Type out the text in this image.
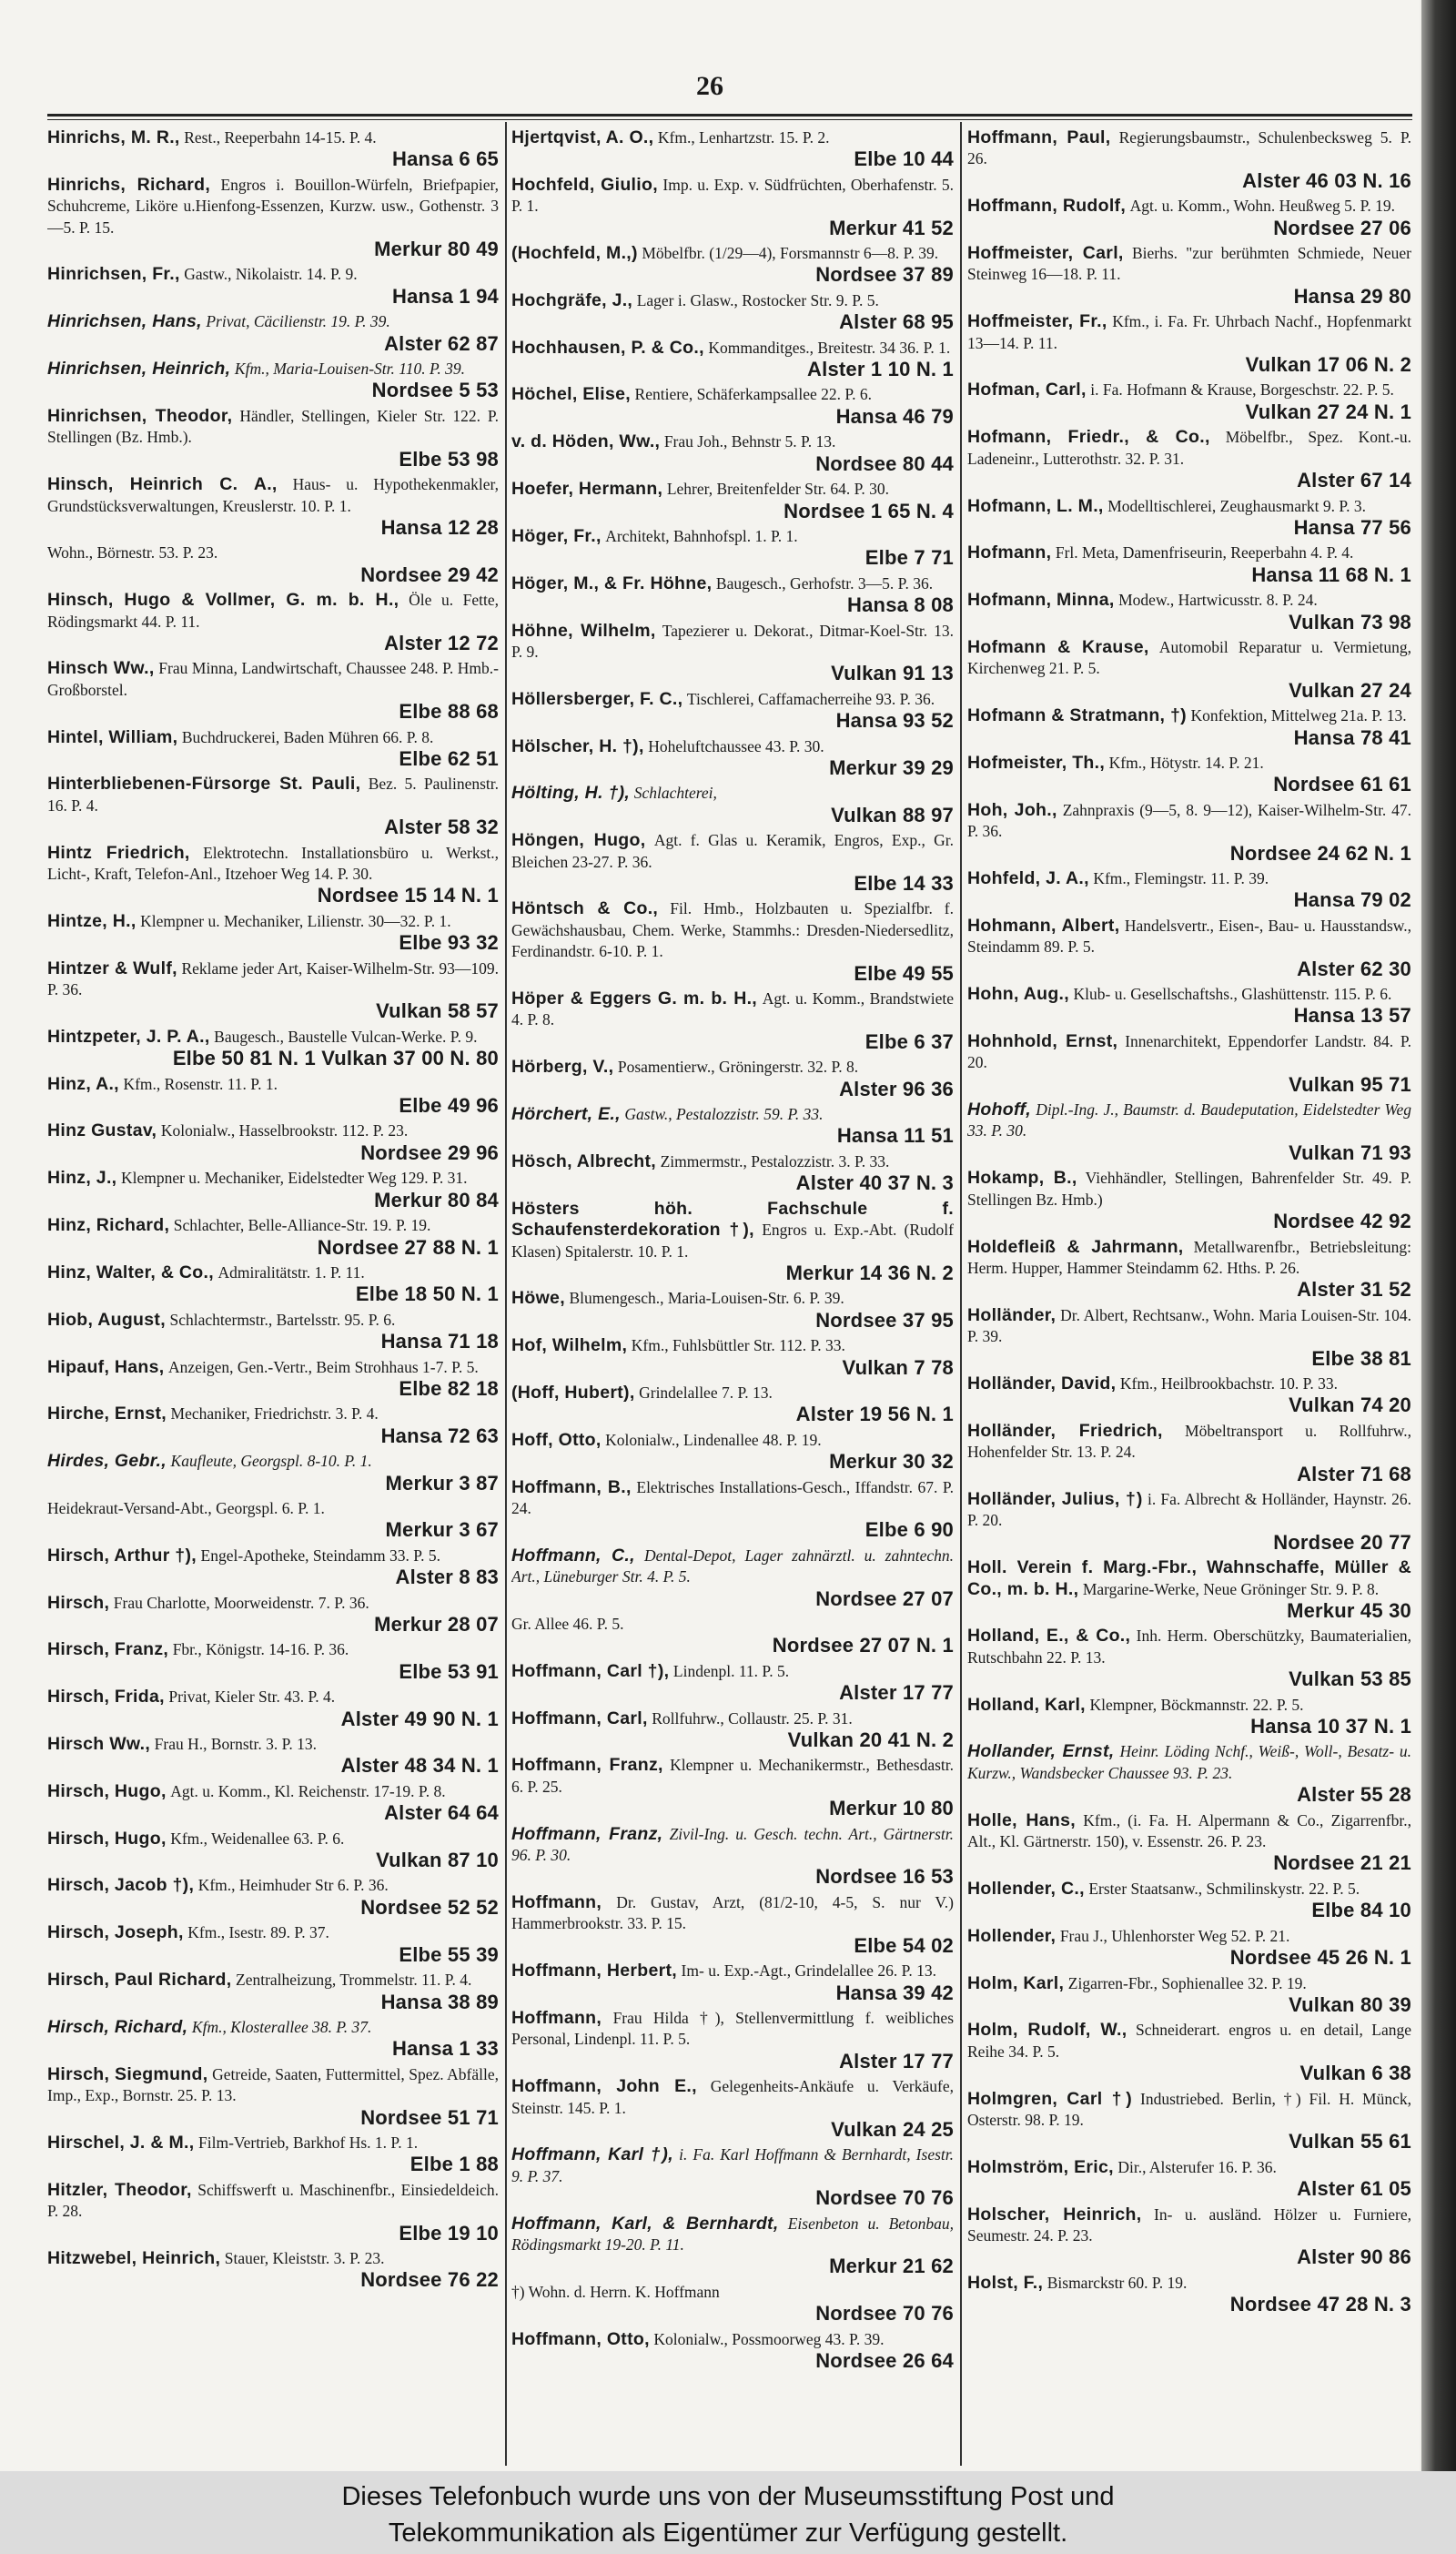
26
Hinrichs, M. R., Rest., Reeperbahn 14-15. P. 4.
Hansa 6 65
Hinrichs, Richard, Engros i. Bouillon-Würfeln, Briefpapier, Schuhcreme, Liköre u.Hienfong-Essenzen, Kurzw. usw., Gothenstr. 3—5. P. 15.
Merkur 80 49
Hinrichsen, Fr., Gastw., Nikolaistr. 14. P. 9.
Hansa 1 94
Hinrichsen, Hans, Privat, Cäcilienstr. 19. P. 39.
Alster 62 87
Hinrichsen, Heinrich, Kfm., Maria-Louisen-Str. 110. P. 39.
Nordsee 5 53
Hinrichsen, Theodor, Händler, Stellingen, Kieler Str. 122. P. Stellingen (Bz. Hmb.).
Elbe 53 98
Hinsch, Heinrich C. A., Haus- u. Hypothekenmakler, Grundstücksverwaltungen, Kreuslerstr. 10. P. 1.
Hansa 12 28
Wohn., Börnestr. 53. P. 23.
Nordsee 29 42
Hinsch, Hugo & Vollmer, G. m. b. H., Öle u. Fette, Rödingsmarkt 44. P. 11.
Alster 12 72
Hinsch Ww., Frau Minna, Landwirtschaft, Chaussee 248. P. Hmb.-Großborstel.
Elbe 88 68
Hintel, William, Buchdruckerei, Baden Mühren 66. P. 8.
Elbe 62 51
Hinterbliebenen-Fürsorge St. Pauli, Bez. 5. Paulinenstr. 16. P. 4.
Alster 58 32
Hintz Friedrich, Elektrotechn. Installationsbüro u. Werkst., Licht-, Kraft, Telefon-Anl., Itzehoer Weg 14. P. 30.
Nordsee 15 14 N. 1
Hintze, H., Klempner u. Mechaniker, Lilienstr. 30—32. P. 1.
Elbe 93 32
Hintzer & Wulf, Reklame jeder Art, Kaiser-Wilhelm-Str. 93—109. P. 36.
Vulkan 58 57
Hintzpeter, J. P. A., Baugesch., Baustelle Vulcan-Werke. P. 9.
Elbe 50 81 N. 1 Vulkan 37 00 N. 80
Hinz, A., Kfm., Rosenstr. 11. P. 1.
Elbe 49 96
Hinz Gustav, Kolonialw., Hasselbrookstr. 112. P. 23.
Nordsee 29 96
Hinz, J., Klempner u. Mechaniker, Eidelstedter Weg 129. P. 31.
Merkur 80 84
Hinz, Richard, Schlachter, Belle-Alliance-Str. 19. P. 19.
Nordsee 27 88 N. 1
Hinz, Walter, & Co., Admiralitätstr. 1. P. 11.
Elbe 18 50 N. 1
Hiob, August, Schlachtermstr., Bartelsstr. 95. P. 6.
Hansa 71 18
Hipauf, Hans, Anzeigen, Gen.-Vertr., Beim Strohhaus 1-7. P. 5.
Elbe 82 18
Hirche, Ernst, Mechaniker, Friedrichstr. 3. P. 4.
Hansa 72 63
Hirdes, Gebr., Kaufleute, Georgspl. 8-10. P. 1.
Merkur 3 87
Heidekraut-Versand-Abt., Georgspl. 6. P. 1.
Merkur 3 67
Hirsch, Arthur †), Engel-Apotheke, Steindamm 33. P. 5.
Alster 8 83
Hirsch, Frau Charlotte, Moorweidenstr. 7. P. 36.
Merkur 28 07
Hirsch, Franz, Fbr., Königstr. 14-16. P. 36.
Elbe 53 91
Hirsch, Frida, Privat, Kieler Str. 43. P. 4.
Alster 49 90 N. 1
Hirsch Ww., Frau H., Bornstr. 3. P. 13.
Alster 48 34 N. 1
Hirsch, Hugo, Agt. u. Komm., Kl. Reichenstr. 17-19. P. 8.
Alster 64 64
Hirsch, Hugo, Kfm., Weidenallee 63. P. 6.
Vulkan 87 10
Hirsch, Jacob †), Kfm., Heimhuder Str 6. P. 36.
Nordsee 52 52
Hirsch, Joseph, Kfm., Isestr. 89. P. 37.
Elbe 55 39
Hirsch, Paul Richard, Zentralheizung, Trommelstr. 11. P. 4.
Hansa 38 89
Hirsch, Richard, Kfm., Klosterallee 38. P. 37.
Hansa 1 33
Hirsch, Siegmund, Getreide, Saaten, Futtermittel, Spez. Abfälle, Imp., Exp., Bornstr. 25. P. 13.
Nordsee 51 71
Hirschel, J. & M., Film-Vertrieb, Barkhof Hs. 1. P. 1.
Elbe 1 88
Hitzler, Theodor, Schiffswerft u. Maschinenfbr., Einsiedeldeich. P. 28.
Elbe 19 10
Hitzwebel, Heinrich, Stauer, Kleiststr. 3. P. 23.
Nordsee 76 22
Hjertqvist, A. O., Kfm., Lenhartzstr. 15. P. 2.
Elbe 10 44
Hochfeld, Giulio, Imp. u. Exp. v. Südfrüchten, Oberhafenstr. 5. P. 1.
Merkur 41 52
(Hochfeld, M.,) Möbelfbr. (1/29—4), Forsmannstr 6—8. P. 39.
Nordsee 37 89
Hochgräfe, J., Lager i. Glasw., Rostocker Str. 9. P. 5.
Alster 68 95
Hochhausen, P. & Co., Kommanditges., Breitestr. 34 36. P. 1.
Alster 1 10 N. 1
Höchel, Elise, Rentiere, Schäferkampsallee 22. P. 6.
Hansa 46 79
v. d. Höden, Ww., Frau Joh., Behnstr 5. P. 13.
Nordsee 80 44
Hoefer, Hermann, Lehrer, Breitenfelder Str. 64. P. 30.
Nordsee 1 65 N. 4
Höger, Fr., Architekt, Bahnhofspl. 1. P. 1.
Elbe 7 71
Höger, M., & Fr. Höhne, Baugesch., Gerhofstr. 3—5. P. 36.
Hansa 8 08
Höhne, Wilhelm, Tapezierer u. Dekorat., Ditmar-Koel-Str. 13. P. 9.
Vulkan 91 13
Höllersberger, F. C., Tischlerei, Caffamacherreihe 93. P. 36.
Hansa 93 52
Hölscher, H. †), Hoheluftchaussee 43. P. 30.
Merkur 39 29
Hölting, H. †), Schlachterei,
Vulkan 88 97
Höngen, Hugo, Agt. f. Glas u. Keramik, Engros, Exp., Gr. Bleichen 23-27. P. 36.
Elbe 14 33
Höntsch & Co., Fil. Hmb., Holzbauten u. Spezialfbr. f. Gewächshausbau, Chem. Werke, Stammhs.: Dresden-Niedersedlitz, Ferdinandstr. 6-10. P. 1.
Elbe 49 55
Höper & Eggers G. m. b. H., Agt. u. Komm., Brandstwiete 4. P. 8.
Elbe 6 37
Hörberg, V., Posamentierw., Gröningerstr. 32. P. 8.
Alster 96 36
Hörchert, E., Gastw., Pestalozzistr. 59. P. 33.
Hansa 11 51
Hösch, Albrecht, Zimmermstr., Pestalozzistr. 3. P. 33.
Alster 40 37 N. 3
Hösters höh. Fachschule f. Schaufensterdekoration †), Engros u. Exp.-Abt. (Rudolf Klasen) Spitalerstr. 10. P. 1.
Merkur 14 36 N. 2
Höwe, Blumengesch., Maria-Louisen-Str. 6. P. 39.
Nordsee 37 95
Hof, Wilhelm, Kfm., Fuhlsbüttler Str. 112. P. 33.
Vulkan 7 78
(Hoff, Hubert), Grindelallee 7. P. 13.
Alster 19 56 N. 1
Hoff, Otto, Kolonialw., Lindenallee 48. P. 19.
Merkur 30 32
Hoffmann, B., Elektrisches Installations-Gesch., Iffandstr. 67. P. 24.
Elbe 6 90
Hoffmann, C., Dental-Depot, Lager zahnärztl. u. zahntechn. Art., Lüneburger Str. 4. P. 5.
Nordsee 27 07
Gr. Allee 46. P. 5.
Nordsee 27 07 N. 1
Hoffmann, Carl †), Lindenpl. 11. P. 5.
Alster 17 77
Hoffmann, Carl, Rollfuhrw., Collaustr. 25. P. 31.
Vulkan 20 41 N. 2
Hoffmann, Franz, Klempner u. Mechanikermstr., Bethesdastr. 6. P. 25.
Merkur 10 80
Hoffmann, Franz, Zivil-Ing. u. Gesch. techn. Art., Gärtnerstr. 96. P. 30.
Nordsee 16 53
Hoffmann, Dr. Gustav, Arzt, (81/2-10, 4-5, S. nur V.) Hammerbrookstr. 33. P. 15.
Elbe 54 02
Hoffmann, Herbert, Im- u. Exp.-Agt., Grindelallee 26. P. 13.
Hansa 39 42
Hoffmann, Frau Hilda †), Stellenvermittlung f. weibliches Personal, Lindenpl. 11. P. 5.
Alster 17 77
Hoffmann, John E., Gelegenheits-Ankäufe u. Verkäufe, Steinstr. 145. P. 1.
Vulkan 24 25
Hoffmann, Karl †), i. Fa. Karl Hoffmann & Bernhardt, Isestr. 9. P. 37.
Nordsee 70 76
Hoffmann, Karl, & Bernhardt, Eisenbeton u. Betonbau, Rödingsmarkt 19-20. P. 11.
Merkur 21 62
†) Wohn. d. Herrn. K. Hoffmann
Nordsee 70 76
Hoffmann, Otto, Kolonialw., Possmoorweg 43. P. 39.
Nordsee 26 64
Hoffmann, Paul, Regierungsbaumstr., Schulenbecksweg 5. P. 26.
Alster 46 03 N. 16
Hoffmann, Rudolf, Agt. u. Komm., Wohn. Heußweg 5. P. 19.
Nordsee 27 06
Hoffmeister, Carl, Bierhs. "zur berühmten Schmiede, Neuer Steinweg 16—18. P. 11.
Hansa 29 80
Hoffmeister, Fr., Kfm., i. Fa. Fr. Uhrbach Nachf., Hopfenmarkt 13—14. P. 11.
Vulkan 17 06 N. 2
Hofman, Carl, i. Fa. Hofmann & Krause, Borgeschstr. 22. P. 5.
Vulkan 27 24 N. 1
Hofmann, Friedr., & Co., Möbelfbr., Spez. Kont.-u. Ladeneinr., Lutterothstr. 32. P. 31.
Alster 67 14
Hofmann, L. M., Modelltischlerei, Zeughausmarkt 9. P. 3.
Hansa 77 56
Hofmann, Frl. Meta, Damenfriseurin, Reeperbahn 4. P. 4.
Hansa 11 68 N. 1
Hofmann, Minna, Modew., Hartwicusstr. 8. P. 24.
Vulkan 73 98
Hofmann & Krause, Automobil Reparatur u. Vermietung, Kirchenweg 21. P. 5.
Vulkan 27 24
Hofmann & Stratmann, †) Konfektion, Mittelweg 21a. P. 13.
Hansa 78 41
Hofmeister, Th., Kfm., Hötystr. 14. P. 21.
Nordsee 61 61
Hoh, Joh., Zahnpraxis (9—5, 8. 9—12), Kaiser-Wilhelm-Str. 47. P. 36.
Nordsee 24 62 N. 1
Hohfeld, J. A., Kfm., Flemingstr. 11. P. 39.
Hansa 79 02
Hohmann, Albert, Handelsvertr., Eisen-, Bau- u. Hausstandsw., Steindamm 89. P. 5.
Alster 62 30
Hohn, Aug., Klub- u. Gesellschaftshs., Glashüttenstr. 115. P. 6.
Hansa 13 57
Hohnhold, Ernst, Innenarchitekt, Eppendorfer Landstr. 84. P. 20.
Vulkan 95 71
Hohoff, Dipl.-Ing. J., Baumstr. d. Baudeputation, Eidelstedter Weg 33. P. 30.
Vulkan 71 93
Hokamp, B., Viehhändler, Stellingen, Bahrenfelder Str. 49. P. Stellingen Bz. Hmb.)
Nordsee 42 92
Holdefleiß & Jahrmann, Metallwarenfbr., Betriebsleitung: Herm. Hupper, Hammer Steindamm 62. Hths. P. 26.
Alster 31 52
Holländer, Dr. Albert, Rechtsanw., Wohn. Maria Louisen-Str. 104. P. 39.
Elbe 38 81
Holländer, David, Kfm., Heilbrookbachstr. 10. P. 33.
Vulkan 74 20
Holländer, Friedrich, Möbeltransport u. Rollfuhrw., Hohenfelder Str. 13. P. 24.
Alster 71 68
Holländer, Julius, †) i. Fa. Albrecht & Holländer, Haynstr. 26. P. 20.
Nordsee 20 77
Holl. Verein f. Marg.-Fbr., Wahnschaffe, Müller & Co., m. b. H., Margarine-Werke, Neue Gröninger Str. 9. P. 8.
Merkur 45 30
Holland, E., & Co., Inh. Herm. Oberschützky, Baumaterialien, Rutschbahn 22. P. 13.
Vulkan 53 85
Holland, Karl, Klempner, Böckmannstr. 22. P. 5.
Hansa 10 37 N. 1
Hollander, Ernst, Heinr. Löding Nchf., Weiß-, Woll-, Besatz- u. Kurzw., Wandsbecker Chaussee 93. P. 23.
Alster 55 28
Holle, Hans, Kfm., (i. Fa. H. Alpermann & Co., Zigarrenfbr., Alt., Kl. Gärtnerstr. 150), v. Essenstr. 26. P. 23.
Nordsee 21 21
Hollender, C., Erster Staatsanw., Schmilinskystr. 22. P. 5.
Elbe 84 10
Hollender, Frau J., Uhlenhorster Weg 52. P. 21.
Nordsee 45 26 N. 1
Holm, Karl, Zigarren-Fbr., Sophienallee 32. P. 19.
Vulkan 80 39
Holm, Rudolf, W., Schneiderart. engros u. en detail, Lange Reihe 34. P. 5.
Vulkan 6 38
Holmgren, Carl †) Industriebed. Berlin, †) Fil. H. Münck, Osterstr. 98. P. 19.
Vulkan 55 61
Holmström, Eric, Dir., Alsterufer 16. P. 36.
Alster 61 05
Holscher, Heinrich, In- u. ausländ. Hölzer u. Furniere, Seumestr. 24. P. 23.
Alster 90 86
Holst, F., Bismarckstr 60. P. 19.
Nordsee 47 28 N. 3
Dieses Telefonbuch wurde uns von der Museumsstiftung Post und
Telekommunikation als Eigentümer zur Verfügung gestellt.
